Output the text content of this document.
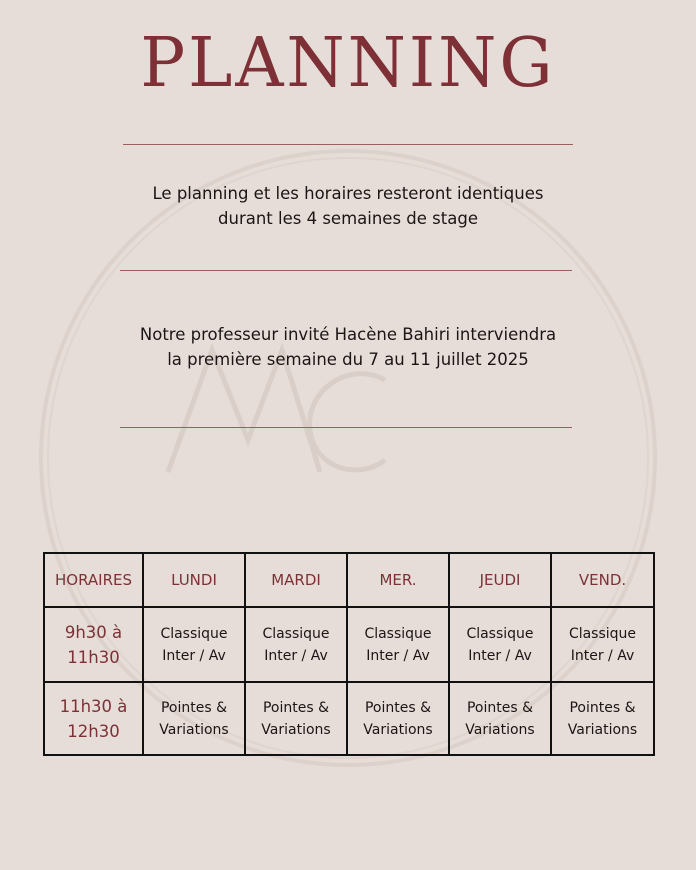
PLANNING
Le planning et les horaires resteront identiques
durant les 4 semaines de stage
Notre professeur invité Hacène Bahiri interviendra
la première semaine du 7 au 11 juillet 2025
HORAIRES	LUNDI	MARDI	MER.	JEUDI	VEND.

9h30 à
11h30	Classique
Inter / Av	Classique
Inter / Av	Classique
Inter / Av	Classique
Inter / Av	Classique
Inter / Av

11h30 à
12h30	Pointes &
Variations	Pointes &
Variations	Pointes &
Variations	Pointes &
Variations	Pointes &
Variations
